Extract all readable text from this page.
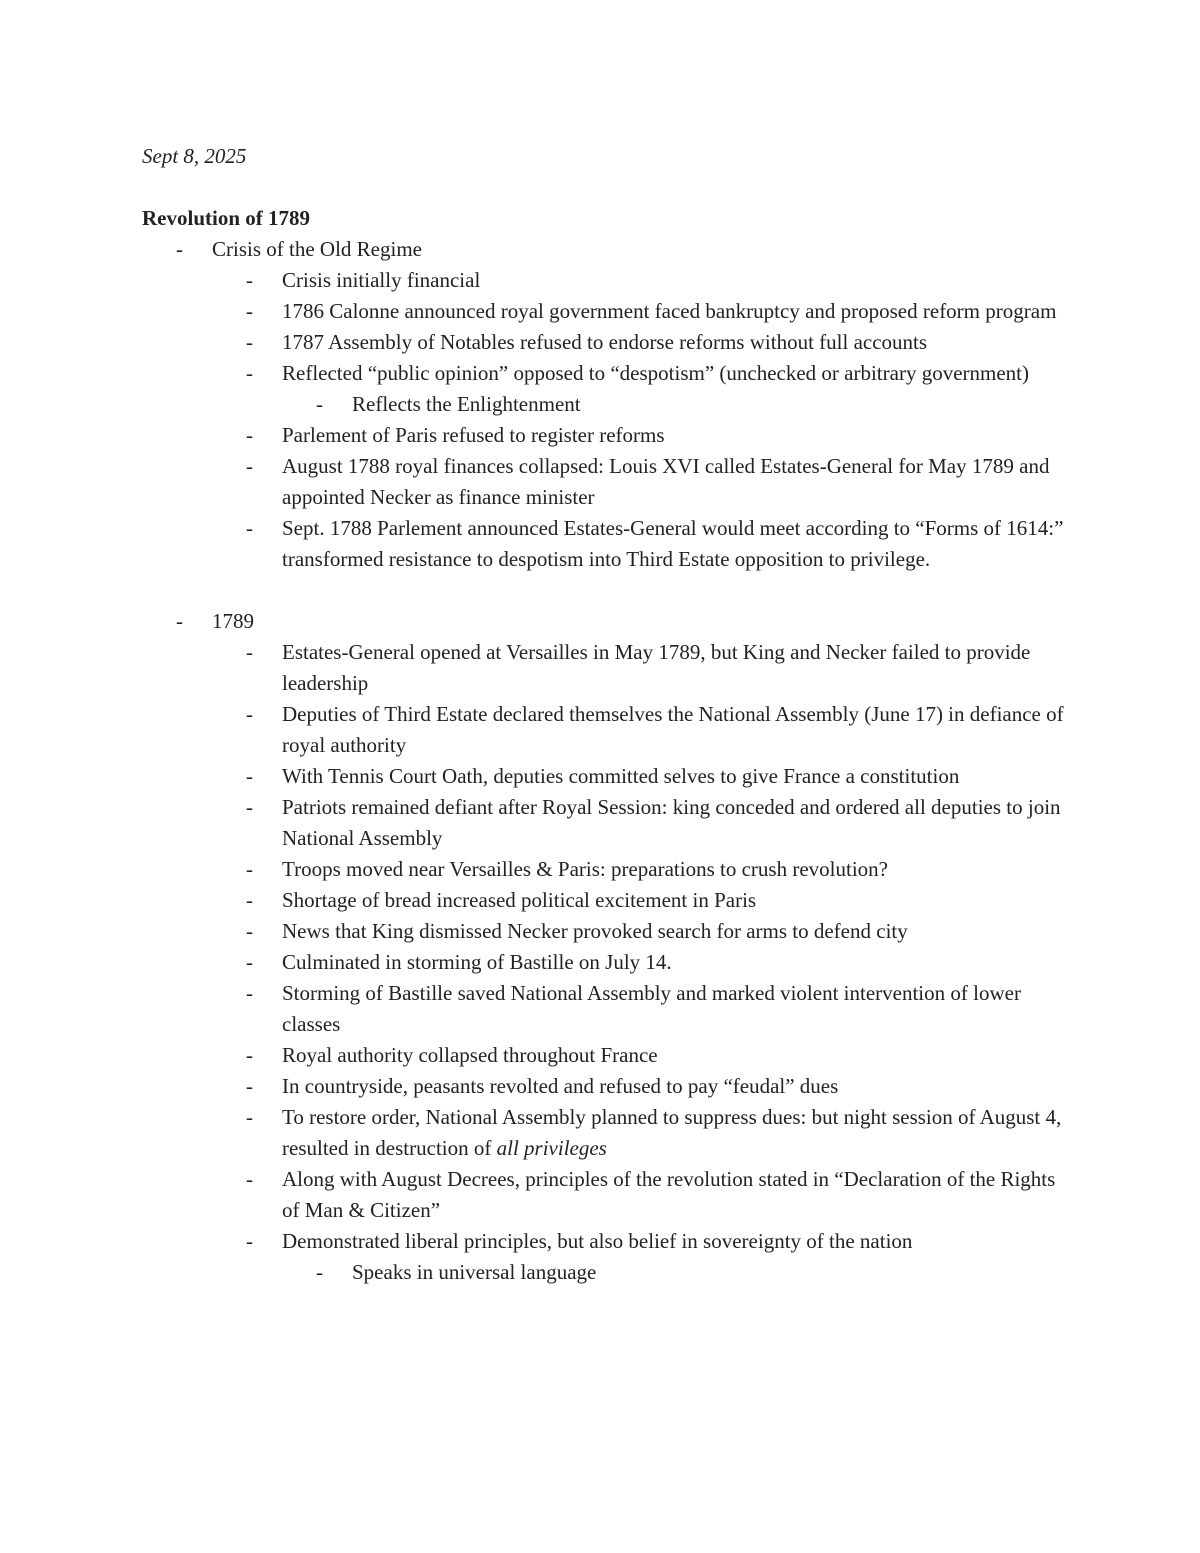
Sept 8, 2025

Revolution of 1789

- Crisis of the Old Regime
- Crisis initially financial
- 1786 Calonne announced royal government faced bankruptcy and proposed reform program
- 1787 Assembly of Notables refused to endorse reforms without full accounts
- Reflected “public opinion” opposed to “despotism” (unchecked or arbitrary government)
- Reflects the Enlightenment
- Parlement of Paris refused to register reforms
- August 1788 royal finances collapsed: Louis XVI called Estates-General for May 1789 and appointed Necker as finance minister
- Sept. 1788 Parlement announced Estates-General would meet according to “Forms of 1614:” transformed resistance to despotism into Third Estate opposition to privilege.
- 1789
- Estates-General opened at Versailles in May 1789, but King and Necker failed to provide leadership
- Deputies of Third Estate declared themselves the National Assembly (June 17) in defiance of royal authority
- With Tennis Court Oath, deputies committed selves to give France a constitution
- Patriots remained defiant after Royal Session: king conceded and ordered all deputies to join National Assembly
- Troops moved near Versailles & Paris: preparations to crush revolution?
- Shortage of bread increased political excitement in Paris
- News that King dismissed Necker provoked search for arms to defend city
- Culminated in storming of Bastille on July 14.
- Storming of Bastille saved National Assembly and marked violent intervention of lower classes
- Royal authority collapsed throughout France
- In countryside, peasants revolted and refused to pay “feudal” dues
- To restore order, National Assembly planned to suppress dues: but night session of August 4, resulted in destruction of all privileges
- Along with August Decrees, principles of the revolution stated in “Declaration of the Rights of Man & Citizen”
- Demonstrated liberal principles, but also belief in sovereignty of the nation
- Speaks in universal language
